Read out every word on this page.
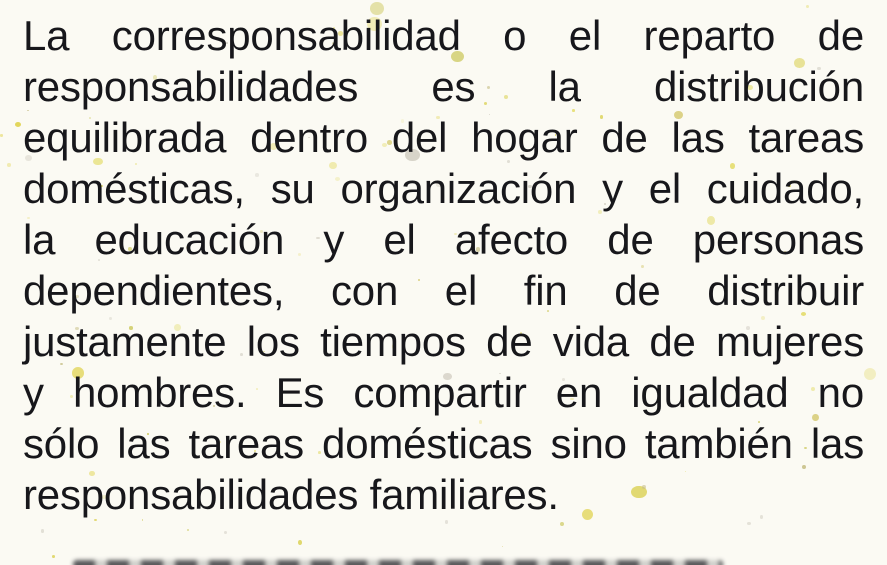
La corresponsabilidad o el reparto de
responsabilidades es la distribución
equilibrada dentro del hogar de las tareas
domésticas, su organización y el cuidado,
la educación y el afecto de personas
dependientes, con el fin de distribuir
justamente los tiempos de vida de mujeres
y hombres. Es compartir en igualdad no
sólo las tareas domésticas sino también las
responsabilidades familiares.
